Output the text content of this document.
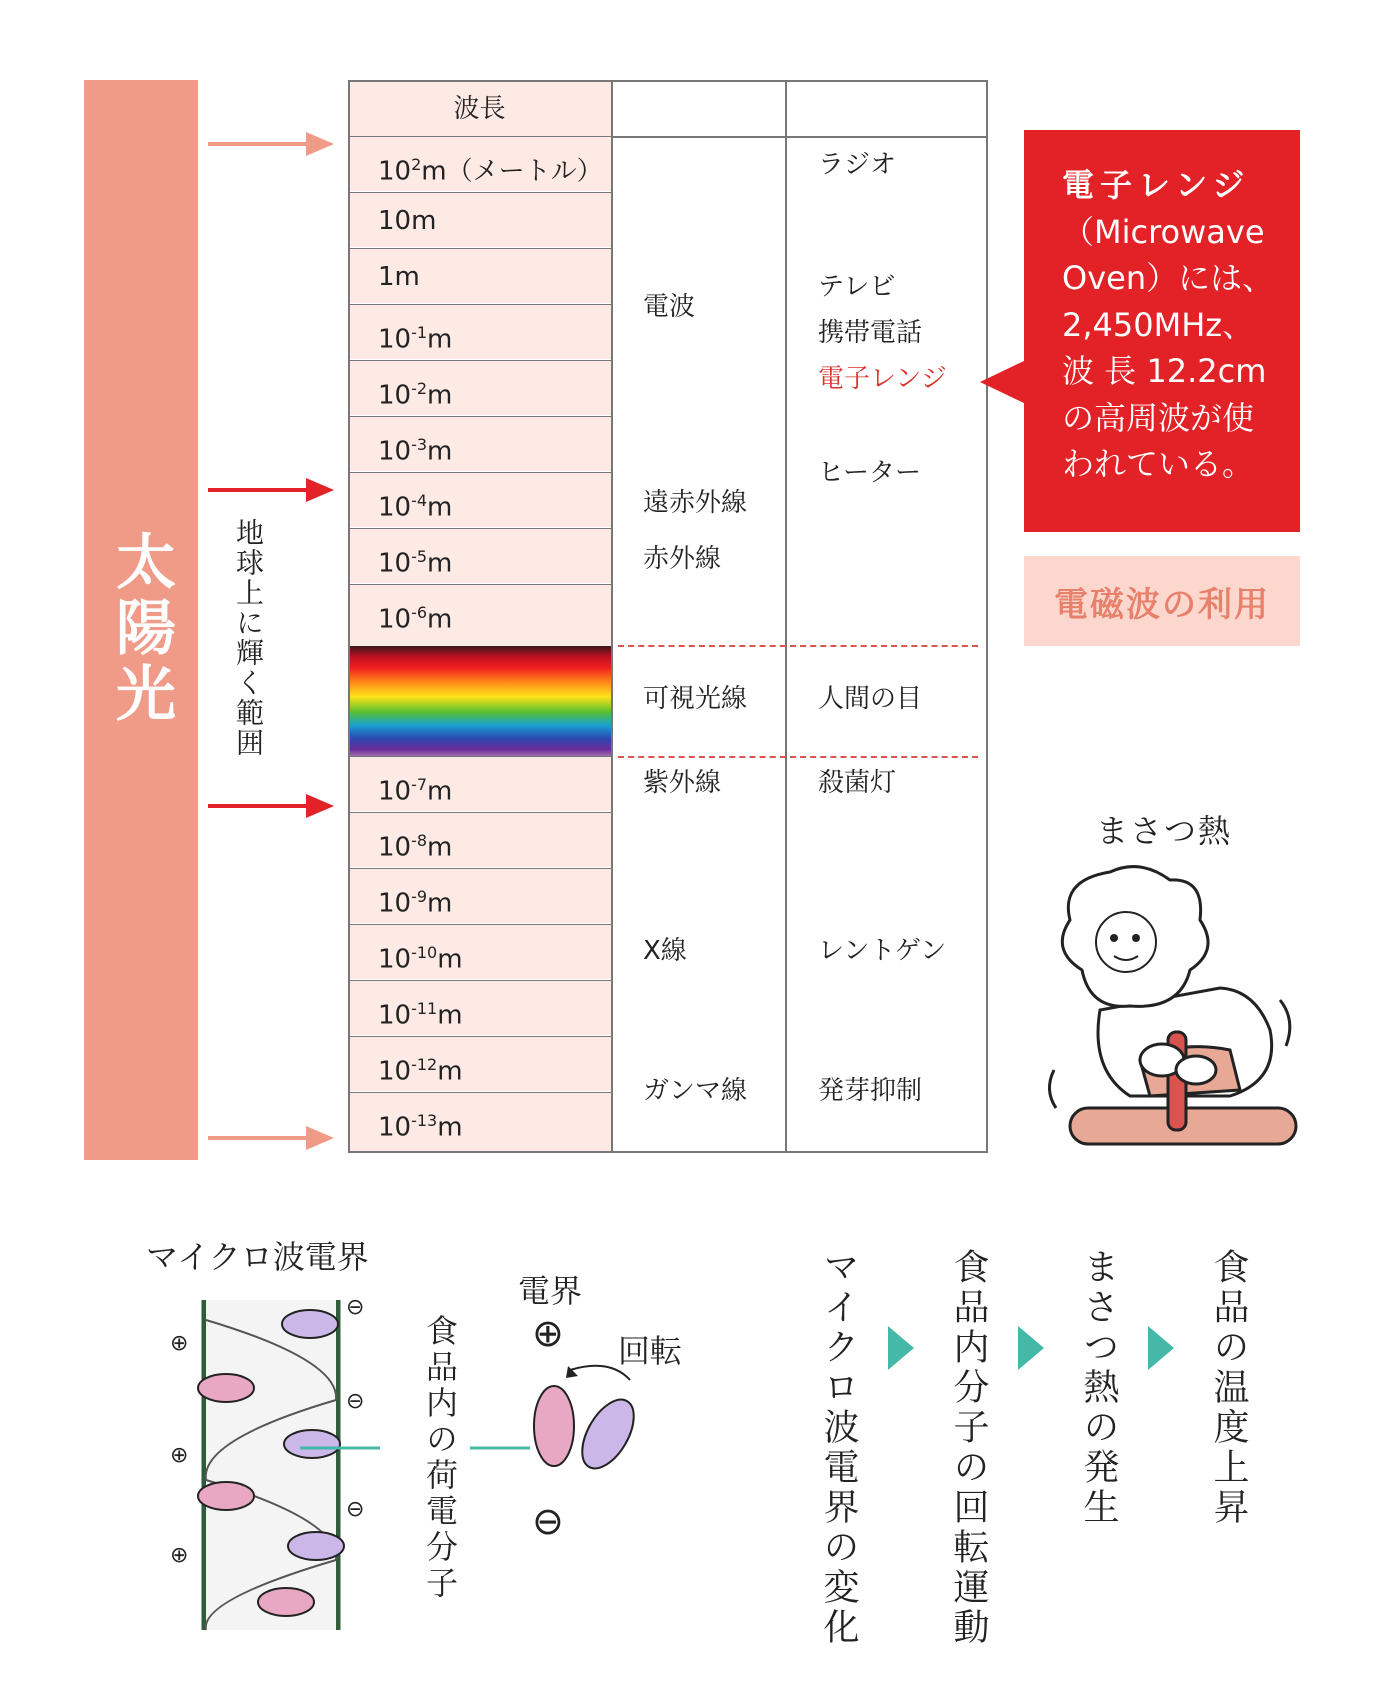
太陽光	地球上に輝く範囲
波長
$10^2m$（メートル）
10m
1m
$10^{-1}m$
$10^{-2}m$
$10^{-3}m$
$10^{-4}m$
$10^{-5}m$
$10^{-6}m$
$10^{-7}m$
$10^{-8}m$
$10^{-9}m$
$10^{-10}m$
$10^{-11}m$
$10^{-12}m$
$10^{-13}m$
電波
遠赤外線
赤外線
可視光線
紫外線
X線
ガンマ線
ラジオ
テレビ
携帯電話
電子レンジ
ヒーター
人間の目
殺菌灯
レントゲン
発芽抑制
電子レンジ
（Microwave
Oven）には、
2,450MHz、
波 長 12.2cm
の高周波が使
われている。
電磁波の利用
まさつ熱
マイクロ波電界
⊕
⊕
⊕
⊖
⊖
⊖ 食品内の荷電分子
電界
回転
⊕
⊖	マイクロ波電界の変化 食品内分子の回転運動 まさつ熱の発生 食品の温度上昇
